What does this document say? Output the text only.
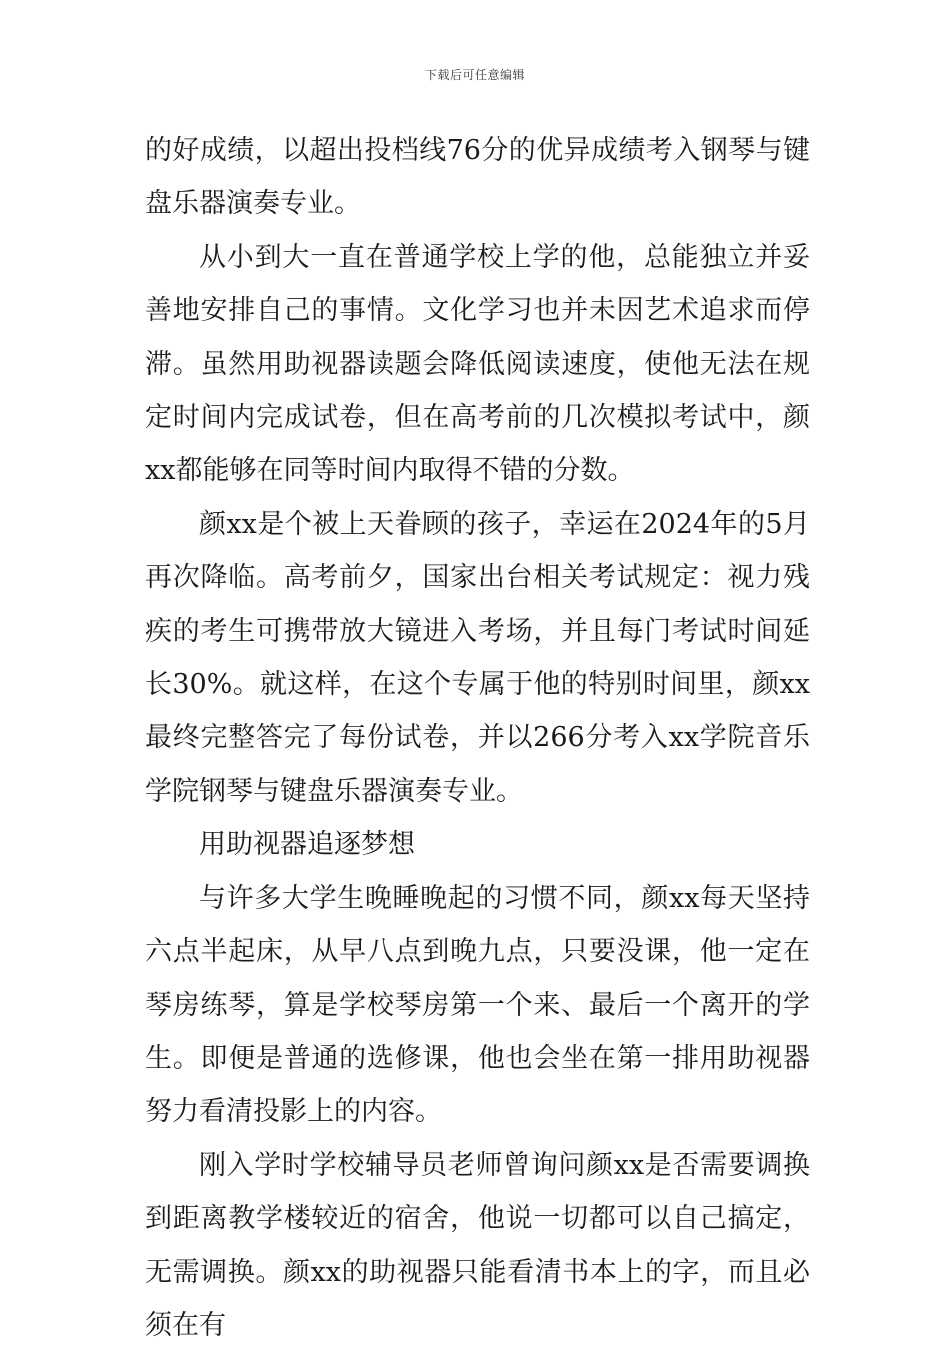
下载后可任意编辑

的好成绩，以超出投档线76分的优异成绩考入钢琴与键盘乐器演奏专业。

从小到大一直在普通学校上学的他，总能独立并妥善地安排自己的事情。文化学习也并未因艺术追求而停滞。虽然用助视器读题会降低阅读速度，使他无法在规定时间内完成试卷，但在高考前的几次模拟考试中，颜xx都能够在同等时间内取得不错的分数。

颜xx是个被上天眷顾的孩子，幸运在2024年的5月再次降临。高考前夕，国家出台相关考试规定：视力残疾的考生可携带放大镜进入考场，并且每门考试时间延长30%。就这样，在这个专属于他的特别时间里，颜xx最终完整答完了每份试卷，并以266分考入xx学院音乐学院钢琴与键盘乐器演奏专业。

用助视器追逐梦想

与许多大学生晚睡晚起的习惯不同，颜xx每天坚持六点半起床，从早八点到晚九点，只要没课，他一定在琴房练琴，算是学校琴房第一个来、最后一个离开的学生。即便是普通的选修课，他也会坐在第一排用助视器努力看清投影上的内容。

刚入学时学校辅导员老师曾询问颜xx是否需要调换到距离教学楼较近的宿舍，他说一切都可以自己搞定，无需调换。颜xx的助视器只能看清书本上的字，而且必须在有
